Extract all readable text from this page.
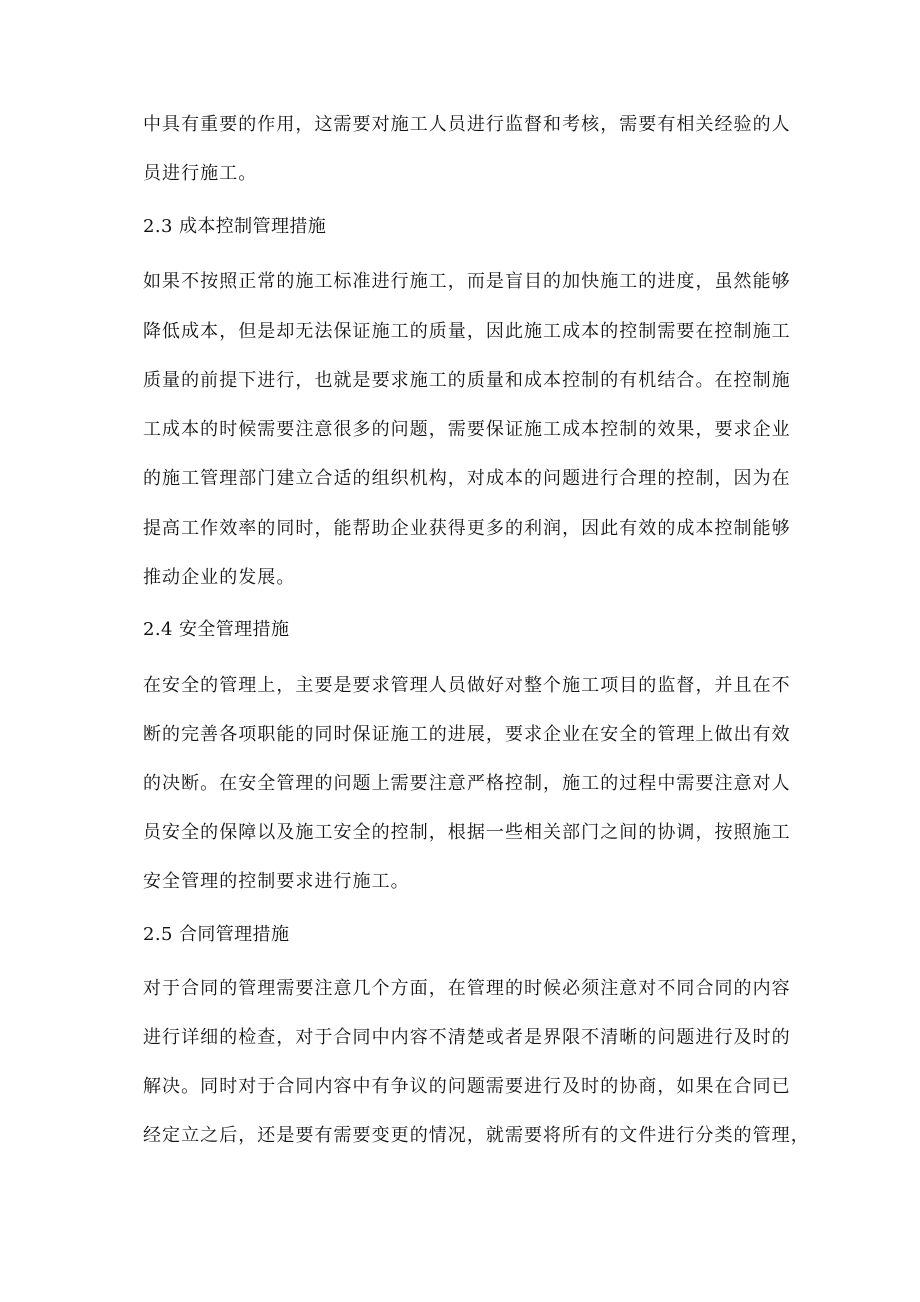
中具有重要的作用，这需要对施工人员进行监督和考核，需要有相关经验的人
员进行施工。
2.3 成本控制管理措施
如果不按照正常的施工标准进行施工，而是盲目的加快施工的进度，虽然能够
降低成本，但是却无法保证施工的质量，因此施工成本的控制需要在控制施工
质量的前提下进行，也就是要求施工的质量和成本控制的有机结合。在控制施
工成本的时候需要注意很多的问题，需要保证施工成本控制的效果，要求企业
的施工管理部门建立合适的组织机构，对成本的问题进行合理的控制，因为在
提高工作效率的同时，能帮助企业获得更多的利润，因此有效的成本控制能够
推动企业的发展。
2.4 安全管理措施
在安全的管理上，主要是要求管理人员做好对整个施工项目的监督，并且在不
断的完善各项职能的同时保证施工的进展，要求企业在安全的管理上做出有效
的决断。在安全管理的问题上需要注意严格控制，施工的过程中需要注意对人
员安全的保障以及施工安全的控制，根据一些相关部门之间的协调，按照施工
安全管理的控制要求进行施工。
2.5 合同管理措施
对于合同的管理需要注意几个方面，在管理的时候必须注意对不同合同的内容
进行详细的检查，对于合同中内容不清楚或者是界限不清晰的问题进行及时的
解决。同时对于合同内容中有争议的问题需要进行及时的协商，如果在合同已
经定立之后，还是要有需要变更的情况，就需要将所有的文件进行分类的管理，
